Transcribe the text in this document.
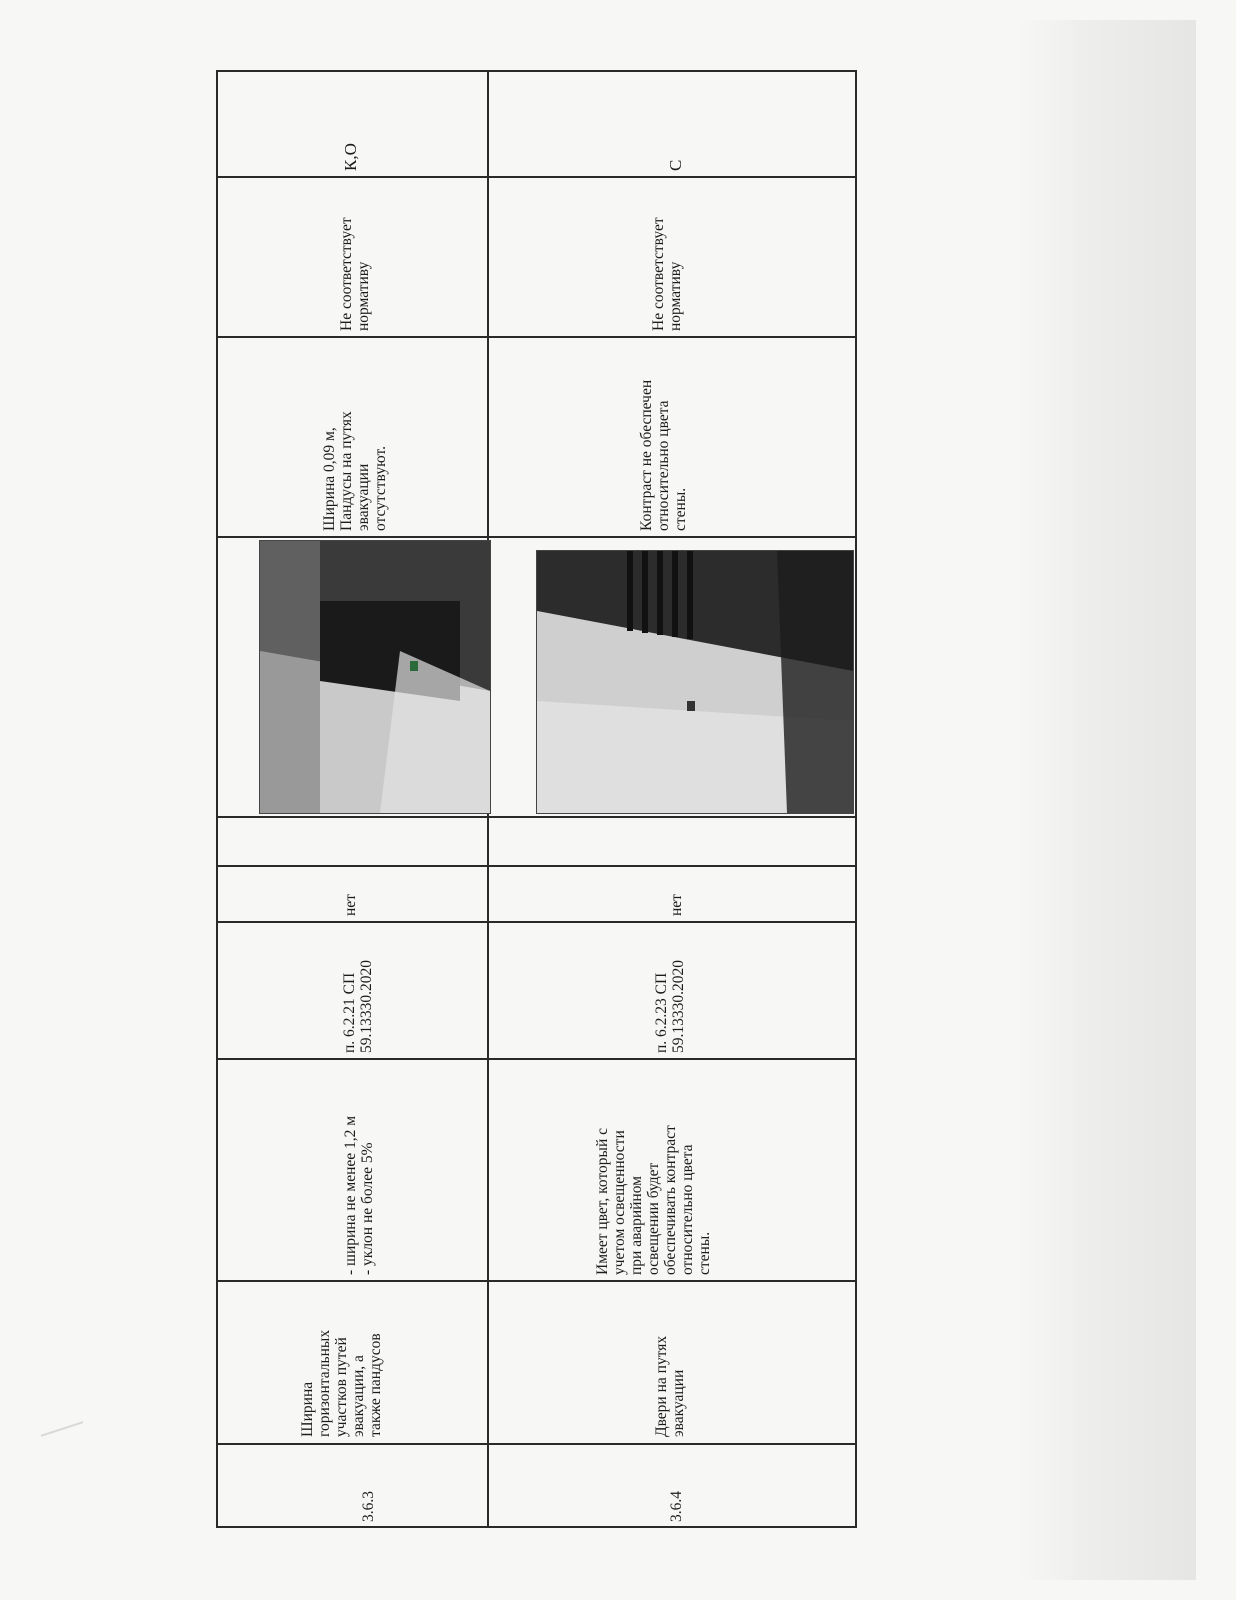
3.6.3
Ширина
горизонтальных
участков путей
эвакуации, а
также пандусов
- ширина не менее 1,2 м
- уклон не более 5%
п. 6.2.21 СП
59.13330.2020
нет
Ширина 0,09 м,
Пандусы на путях
эвакуации
отсутствуют.
Не соответствует
нормативу
К,О
3.6.4
Двери на путях
эвакуации
Имеет цвет, который с
учетом освещенности
при аварийном
освещении будет
обеспечивать контраст
относительно цвета
стены.
п. 6.2.23 СП
59.13330.2020
нет
Контраст не обеспечен
относительно цвета
стены.
Не соответствует
нормативу
С
